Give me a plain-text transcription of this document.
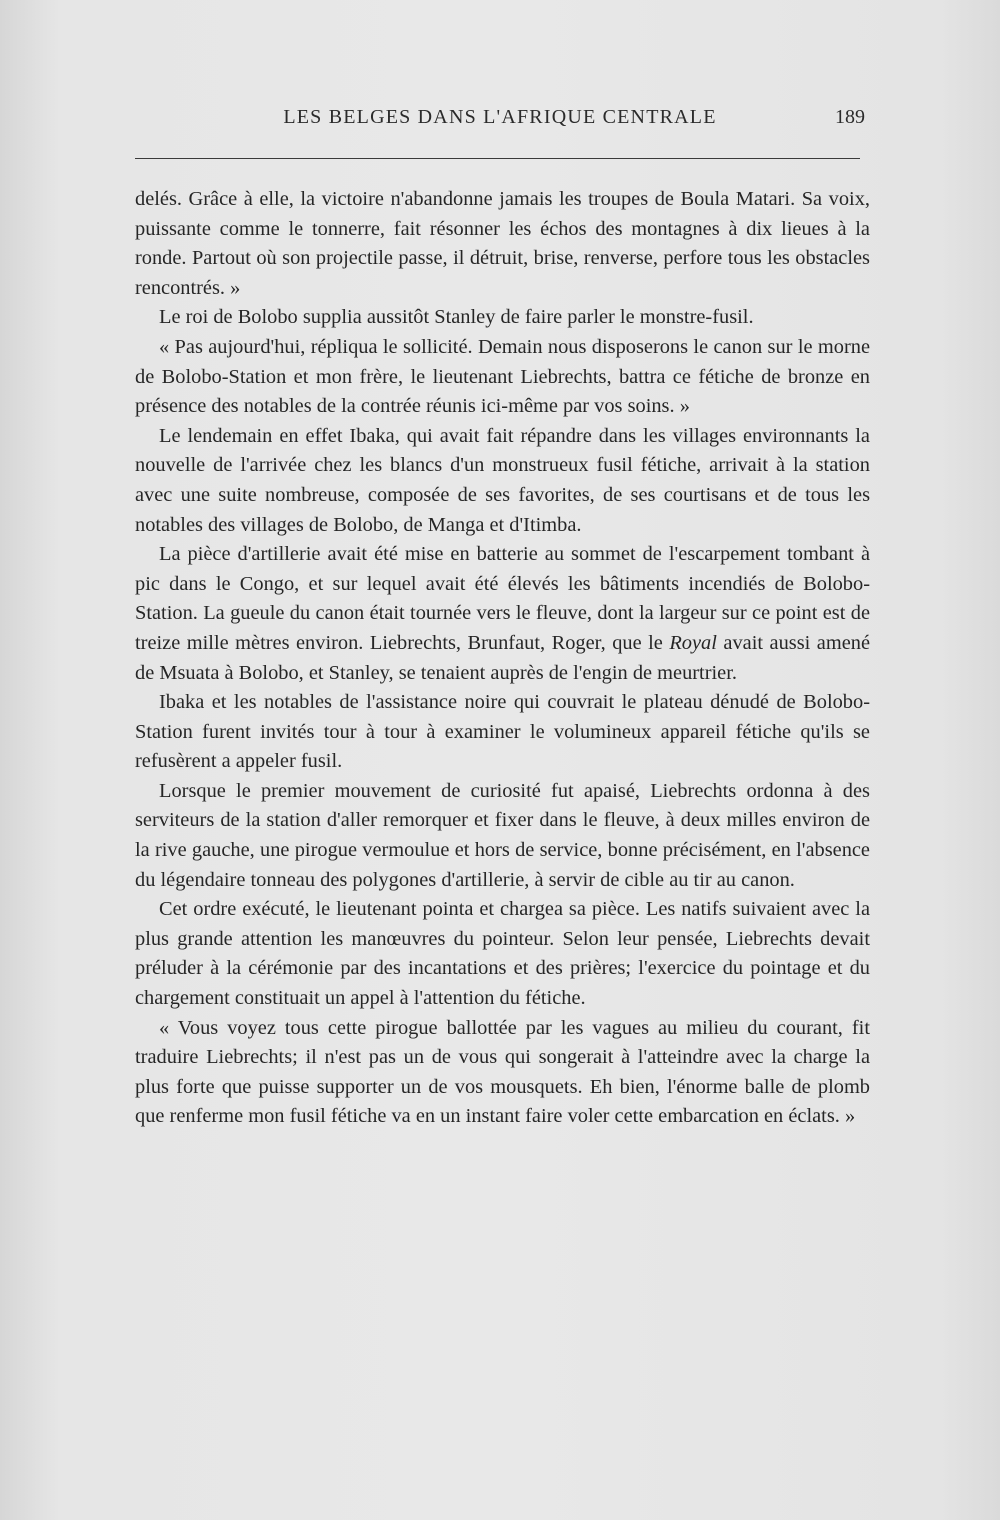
LES BELGES DANS L'AFRIQUE CENTRALE	189

delés. Grâce à elle, la victoire n'abandonne jamais les troupes de Boula Matari. Sa voix, puissante comme le tonnerre, fait résonner les échos des montagnes à dix lieues à la ronde. Partout où son projectile passe, il détruit, brise, renverse, perfore tous les obstacles rencontrés. »

Le roi de Bolobo supplia aussitôt Stanley de faire parler le monstre-fusil.

« Pas aujourd'hui, répliqua le sollicité. Demain nous disposerons le canon sur le morne de Bolobo-Station et mon frère, le lieutenant Liebrechts, battra ce fétiche de bronze en présence des notables de la contrée réunis ici-même par vos soins. »

Le lendemain en effet Ibaka, qui avait fait répandre dans les villages environnants la nouvelle de l'arrivée chez les blancs d'un monstrueux fusil fétiche, arrivait à la station avec une suite nombreuse, composée de ses favorites, de ses courtisans et de tous les notables des villages de Bolobo, de Manga et d'Itimba.

La pièce d'artillerie avait été mise en batterie au sommet de l'escarpement tombant à pic dans le Congo, et sur lequel avait été élevés les bâtiments incendiés de Bolobo-Station. La gueule du canon était tournée vers le fleuve, dont la largeur sur ce point est de treize mille mètres environ. Liebrechts, Brunfaut, Roger, que le Royal avait aussi amené de Msuata à Bolobo, et Stanley, se tenaient auprès de l'engin de meurtrier.

Ibaka et les notables de l'assistance noire qui couvrait le plateau dénudé de Bolobo-Station furent invités tour à tour à examiner le volumineux appareil fétiche qu'ils se refusèrent a appeler fusil.

Lorsque le premier mouvement de curiosité fut apaisé, Liebrechts ordonna à des serviteurs de la station d'aller remorquer et fixer dans le fleuve, à deux milles environ de la rive gauche, une pirogue vermoulue et hors de service, bonne précisément, en l'absence du légendaire tonneau des polygones d'artillerie, à servir de cible au tir au canon.

Cet ordre exécuté, le lieutenant pointa et chargea sa pièce. Les natifs suivaient avec la plus grande attention les manœuvres du pointeur. Selon leur pensée, Liebrechts devait préluder à la cérémonie par des incantations et des prières; l'exercice du pointage et du chargement constituait un appel à l'attention du fétiche.

« Vous voyez tous cette pirogue ballottée par les vagues au milieu du courant, fit traduire Liebrechts; il n'est pas un de vous qui songerait à l'atteindre avec la charge la plus forte que puisse supporter un de vos mousquets. Eh bien, l'énorme balle de plomb que renferme mon fusil fétiche va en un instant faire voler cette embarcation en éclats. »
